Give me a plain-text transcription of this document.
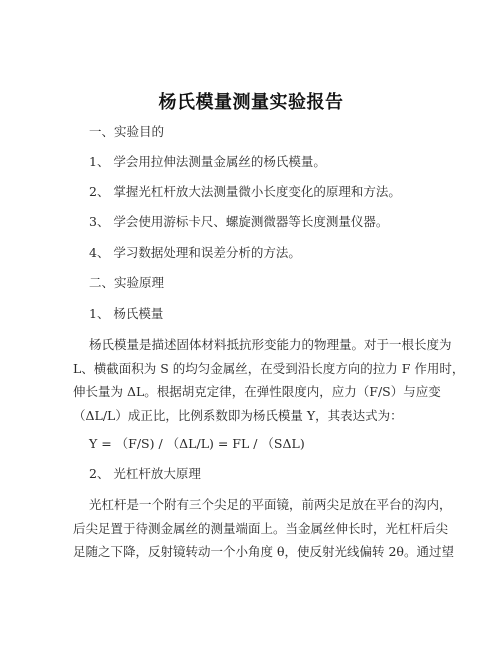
杨氏模量测量实验报告
一、实验目的
1、 学会用拉伸法测量金属丝的杨氏模量。
2、 掌握光杠杆放大法测量微小长度变化的原理和方法。
3、 学会使用游标卡尺、螺旋测微器等长度测量仪器。
4、 学习数据处理和误差分析的方法。
二、实验原理
1、 杨氏模量
杨氏模量是描述固体材料抵抗形变能力的物理量。对于一根长度为
L、横截面积为 S 的均匀金属丝，在受到沿长度方向的拉力 F 作用时，
伸长量为 ΔL。根据胡克定律，在弹性限度内，应力（F/S）与应变
（ΔL/L）成正比，比例系数即为杨氏模量 Y，其表达式为：
Y = （F/S) / （ΔL/L) = FL / （SΔL)
2、 光杠杆放大原理
光杠杆是一个附有三个尖足的平面镜，前两尖足放在平台的沟内，
后尖足置于待测金属丝的测量端面上。当金属丝伸长时，光杠杆后尖
足随之下降，反射镜转动一个小角度 θ，使反射光线偏转 2θ。通过望
